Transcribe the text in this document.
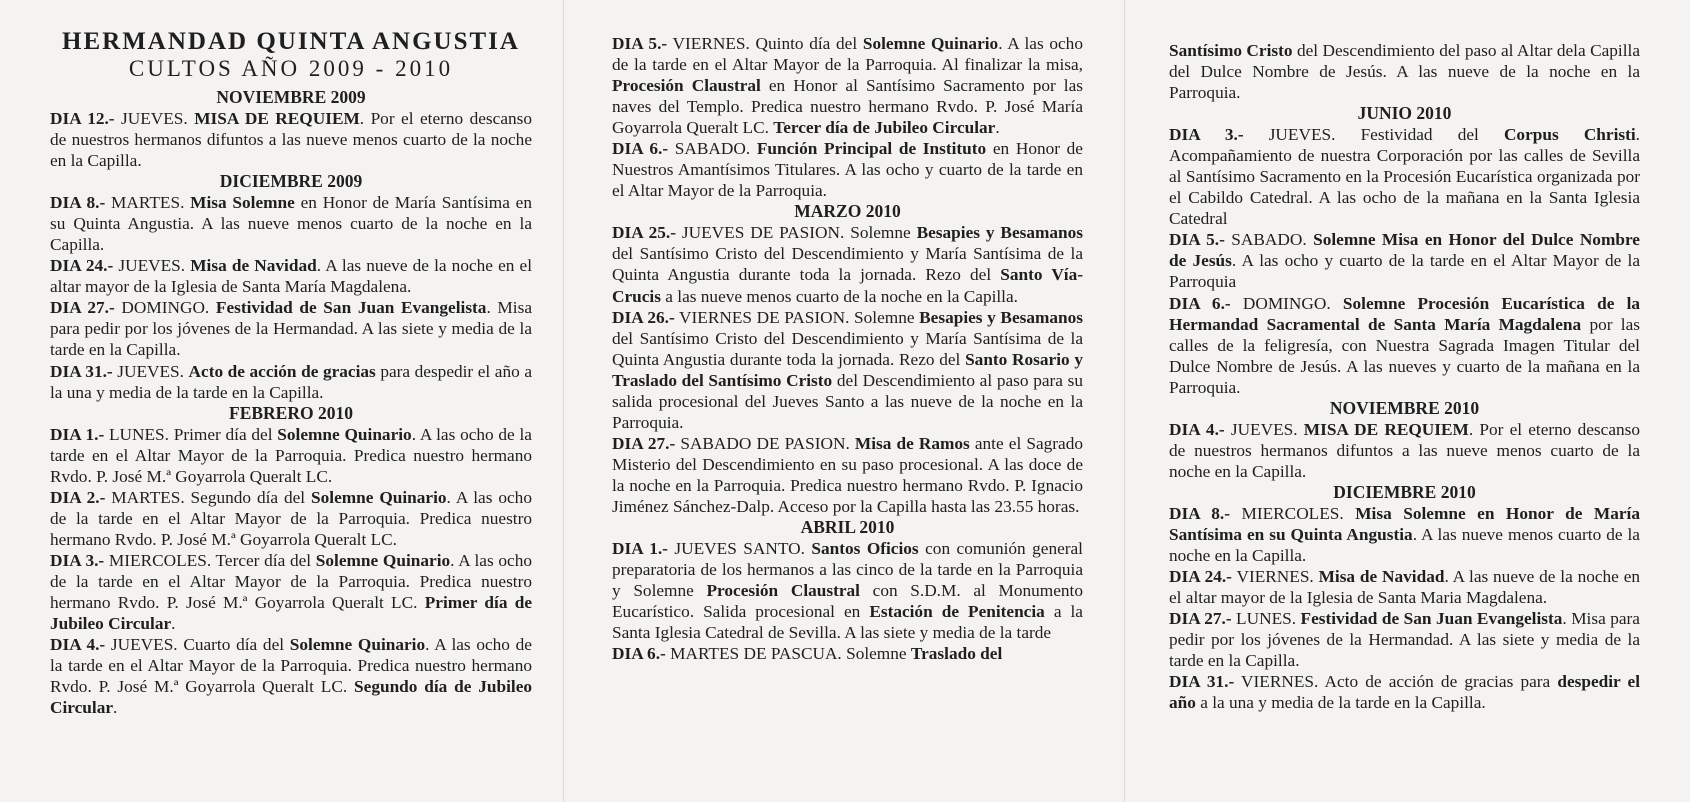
HERMANDAD QUINTA ANGUSTIA
CULTOS AÑO 2009 - 2010
NOVIEMBRE 2009
DIA 12.- JUEVES. MISA DE REQUIEM. Por el eterno descanso de nuestros hermanos difuntos a las nueve menos cuarto de la noche en la Capilla.
DICIEMBRE 2009
DIA 8.- MARTES. Misa Solemne en Honor de María Santísima en su Quinta Angustia. A las nueve menos cuarto de la noche en la Capilla.
DIA 24.- JUEVES. Misa de Navidad. A las nueve de la noche en el altar mayor de la Iglesia de Santa María Magdalena.
DIA 27.- DOMINGO. Festividad de San Juan Evangelista. Misa para pedir por los jóvenes de la Hermandad. A las siete y media de la tarde en la Capilla.
DIA 31.- JUEVES. Acto de acción de gracias para despedir el año a la una y media de la tarde en la Capilla.
FEBRERO 2010
DIA 1.- LUNES. Primer día del Solemne Quinario. A las ocho de la tarde en el Altar Mayor de la Parroquia. Predica nuestro hermano Rvdo. P. José M.ª Goyarrola Queralt LC.
DIA 2.- MARTES. Segundo día del Solemne Quinario. A las ocho de la tarde en el Altar Mayor de la Parroquia. Predica nuestro hermano Rvdo. P. José M.ª Goyarrola Queralt LC.
DIA 3.- MIERCOLES. Tercer día del Solemne Quinario. A las ocho de la tarde en el Altar Mayor de la Parroquia. Predica nuestro hermano Rvdo. P. José M.ª Goyarrola Queralt LC. Primer día de Jubileo Circular.
DIA 4.- JUEVES. Cuarto día del Solemne Quinario. A las ocho de la tarde en el Altar Mayor de la Parroquia. Predica nuestro hermano Rvdo. P. José M.ª Goyarrola Queralt LC. Segundo día de Jubileo Circular.
DIA 5.- VIERNES. Quinto día del Solemne Quinario. A las ocho de la tarde en el Altar Mayor de la Parroquia. Al finalizar la misa, Procesión Claustral en Honor al Santísimo Sacramento por las naves del Templo. Predica nuestro hermano Rvdo. P. José María Goyarrola Queralt LC. Tercer día de Jubileo Circular.
DIA 6.- SABADO. Función Principal de Instituto en Honor de Nuestros Amantísimos Titulares. A las ocho y cuarto de la tarde en el Altar Mayor de la Parroquia.
MARZO 2010
DIA 25.- JUEVES DE PASION. Solemne Besapies y Besamanos del Santísimo Cristo del Descendimiento y María Santísima de la Quinta Angustia durante toda la jornada. Rezo del Santo Vía-Crucis a las nueve menos cuarto de la noche en la Capilla.
DIA 26.- VIERNES DE PASION. Solemne Besapies y Besamanos del Santísimo Cristo del Descendimiento y María Santísima de la Quinta Angustia durante toda la jornada. Rezo del Santo Rosario y Traslado del Santísimo Cristo del Descendimiento al paso para su salida procesional del Jueves Santo a las nueve de la noche en la Parroquia.
DIA 27.- SABADO DE PASION. Misa de Ramos ante el Sagrado Misterio del Descendimiento en su paso procesional. A las doce de la noche en la Parroquia. Predica nuestro hermano Rvdo. P. Ignacio Jiménez Sánchez-Dalp. Acceso por la Capilla hasta las 23.55 horas.
ABRIL 2010
DIA 1.- JUEVES SANTO. Santos Oficios con comunión general preparatoria de los hermanos a las cinco de la tarde en la Parroquia y Solemne Procesión Claustral con S.D.M. al Monumento Eucarístico. Salida procesional en Estación de Penitencia a la Santa Iglesia Catedral de Sevilla. A las siete y media de la tarde
DIA 6.- MARTES DE PASCUA. Solemne Traslado del
Santísimo Cristo del Descendimiento del paso al Altar dela Capilla del Dulce Nombre de Jesús. A las nueve de la noche en la Parroquia.
JUNIO 2010
DIA 3.- JUEVES. Festividad del Corpus Christi. Acompañamiento de nuestra Corporación por las calles de Sevilla al Santísimo Sacramento en la Procesión Eucarística organizada por el Cabildo Catedral. A las ocho de la mañana en la Santa Iglesia Catedral
DIA 5.- SABADO. Solemne Misa en Honor del Dulce Nombre de Jesús. A las ocho y cuarto de la tarde en el Altar Mayor de la Parroquia
DIA 6.- DOMINGO. Solemne Procesión Eucarística de la Hermandad Sacramental de Santa María Magdalena por las calles de la feligresía, con Nuestra Sagrada Imagen Titular del Dulce Nombre de Jesús. A las nueves y cuarto de la mañana en la Parroquia.
NOVIEMBRE 2010
DIA 4.- JUEVES. MISA DE REQUIEM. Por el eterno descanso de nuestros hermanos difuntos a las nueve menos cuarto de la noche en la Capilla.
DICIEMBRE 2010
DIA 8.- MIERCOLES. Misa Solemne en Honor de María Santísima en su Quinta Angustia. A las nueve menos cuarto de la noche en la Capilla.
DIA 24.- VIERNES. Misa de Navidad. A las nueve de la noche en el altar mayor de la Iglesia de Santa Maria Magdalena.
DIA 27.- LUNES. Festividad de San Juan Evangelista. Misa para pedir por los jóvenes de la Hermandad. A las siete y media de la tarde en la Capilla.
DIA 31.- VIERNES. Acto de acción de gracias para despedir el año a la una y media de la tarde en la Capilla.
